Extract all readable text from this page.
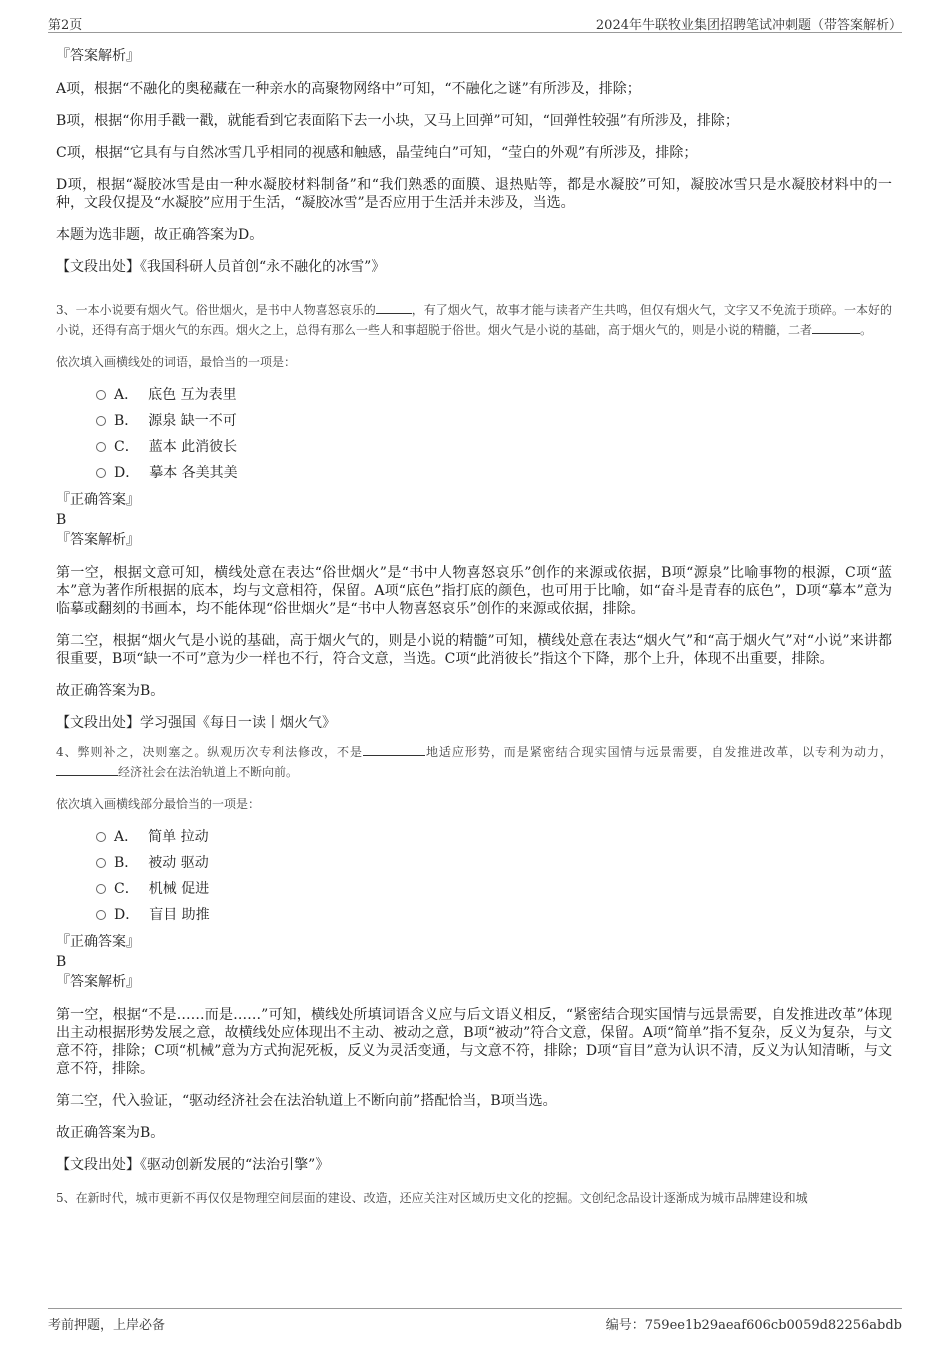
第2页	2024年牛联牧业集团招聘笔试冲刺题（带答案解析）

『答案解析』

A项，根据“不融化的奥秘藏在一种亲水的高聚物网络中”可知，“不融化之谜”有所涉及，排除；

B项，根据“你用手戳一戳，就能看到它表面陷下去一小块，又马上回弹”可知，“回弹性较强”有所涉及，排除；

C项，根据“它具有与自然冰雪几乎相同的视感和触感，晶莹纯白”可知，“莹白的外观”有所涉及，排除；

D项，根据“凝胶冰雪是由一种水凝胶材料制备”和“我们熟悉的面膜、退热贴等，都是水凝胶”可知，凝胶冰雪只是水凝胶材料中的一种，文段仅提及“水凝胶”应用于生活，“凝胶冰雪”是否应用于生活并未涉及，当选。

本题为选非题，故正确答案为D。

【文段出处】《我国科研人员首创“永不融化的冰雪”》

3、一本小说要有烟火气。俗世烟火，是书中人物喜怒哀乐的	，有了烟火气，故事才能与读者产生共鸣，但仅有烟火气，文字又不免流于琐碎。一本好的小说，还得有高于烟火气的东西。烟火之上，总得有那么一些人和事超脱于俗世。烟火气是小说的基础，高于烟火气的，则是小说的精髓，二者	。

依次填入画横线处的词语，最恰当的一项是：

A． 底色 互为表里
B． 源泉 缺一不可
C． 蓝本 此消彼长
D． 摹本 各美其美

『正确答案』

B

『答案解析』

第一空，根据文意可知，横线处意在表达“俗世烟火”是“书中人物喜怒哀乐”创作的来源或依据，B项“源泉”比喻事物的根源，C项“蓝本”意为著作所根据的底本，均与文意相符，保留。A项“底色”指打底的颜色，也可用于比喻，如“奋斗是青春的底色”，D项“摹本”意为临摹或翻刻的书画本，均不能体现“俗世烟火”是“书中人物喜怒哀乐”创作的来源或依据，排除。

第二空，根据“烟火气是小说的基础，高于烟火气的，则是小说的精髓”可知，横线处意在表达“烟火气”和“高于烟火气”对“小说”来讲都很重要，B项“缺一不可”意为少一样也不行，符合文意，当选。C项“此消彼长”指这个下降，那个上升，体现不出重要，排除。

故正确答案为B。

【文段出处】学习强国《每日一读丨烟火气》

4、弊则补之，决则塞之。纵观历次专利法修改，不是	地适应形势，而是紧密结合现实国情与远景需要，自发推进改革，以专利为动力，经济社会在法治轨道上不断向前。

依次填入画横线部分最恰当的一项是：

A． 简单 拉动
B． 被动 驱动
C． 机械 促进
D． 盲目 助推

『正确答案』

B

『答案解析』

第一空，根据“不是……而是……”可知，横线处所填词语含义应与后文语义相反，“紧密结合现实国情与远景需要，自发推进改革”体现出主动根据形势发展之意，故横线处应体现出不主动、被动之意，B项“被动”符合文意，保留。A项“简单”指不复杂，反义为复杂，与文意不符，排除；C项“机械”意为方式拘泥死板，反义为灵活变通，与文意不符，排除；D项“盲目”意为认识不清，反义为认知清晰，与文意不符，排除。

第二空，代入验证，“驱动经济社会在法治轨道上不断向前”搭配恰当，B项当选。

故正确答案为B。

【文段出处】《驱动创新发展的“法治引擎”》

5、在新时代，城市更新不再仅仅是物理空间层面的建设、改造，还应关注对区域历史文化的挖掘。文创纪念品设计逐渐成为城市品牌建设和城

考前押题，上岸必备	编号：759ee1b29aeaf606cb0059d82256abdb
